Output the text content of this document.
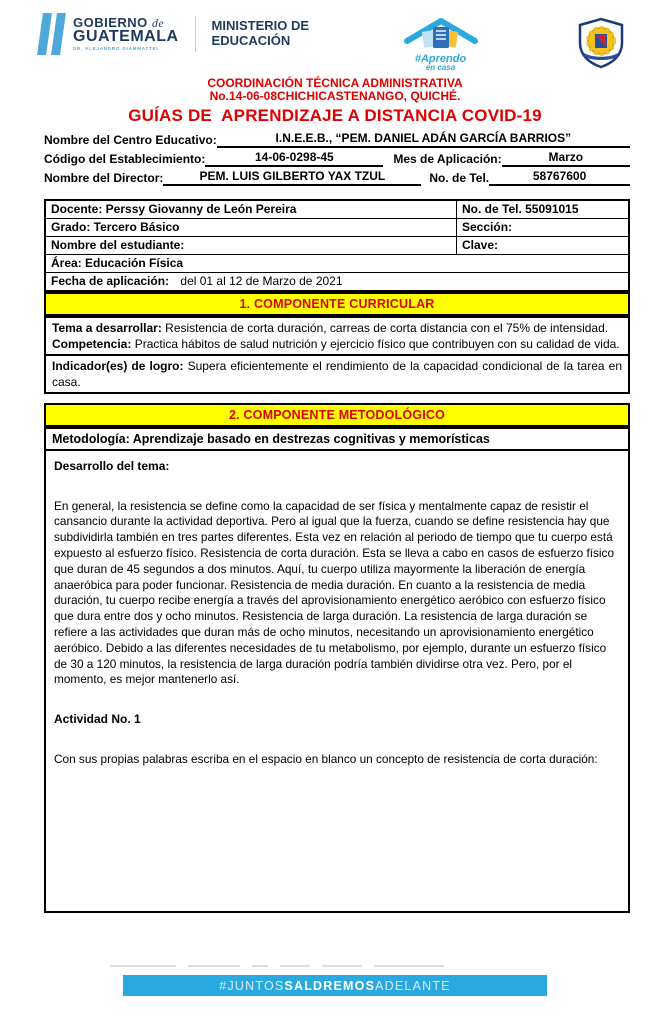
GOBIERNO de
GUATEMALA
DR. ALEJANDRO GIAMMATTEI
MINISTERIO DE
EDUCACIÓN
#Aprendo
en casa
COORDINACIÓN TÉCNICA ADMINISTRATIVA
No.14-06-08CHICHICASTENANGO, QUICHÉ.
GUÍAS DE  APRENDIZAJE A DISTANCIA COVID-19
Nombre del Centro Educativo:	I.N.E.E.B., “PEM. DANIEL ADÁN GARCÍA BARRIOS”
Código del Establecimiento:	14-06-0298-45	Mes de Aplicación:	Marzo
Nombre del Director:	PEM. LUIS GILBERTO YAX TZUL	No. de Tel.	58767600
Docente: Perssy Giovanny de León Pereira	No. de Tel. 55091015
Grado: Tercero Básico	Sección:
Nombre del estudiante:	Clave:
Área: Educación Física
Fecha de aplicación: del 01 al 12 de Marzo de 2021
1. COMPONENTE CURRICULAR

Tema a desarrollar: Resistencia de corta duración, carreas de corta distancia con el 75% de intensidad.

Competencia: Practica hábitos de salud nutrición y ejercicio físico que contribuyen con su calidad de vida.

Indicador(es) de logro: Supera eficientemente el rendimiento de la capacidad condicional de la tarea en casa.

2. COMPONENTE METODOLÓGICO
Metodología: Aprendizaje basado en destrezas cognitivas y memorísticas
Desarrollo del tema:
En general, la resistencia se define como la capacidad de ser física y mentalmente capaz de resistir el cansancio durante la actividad deportiva. Pero al igual que la fuerza, cuando se define resistencia hay que subdividirla también en tres partes diferentes. Esta vez en relación al periodo de tiempo que tu cuerpo está expuesto al esfuerzo físico. Resistencia de corta duración. Esta se lleva a cabo en casos de esfuerzo físico que duran de 45 segundos a dos minutos. Aquí, tu cuerpo utiliza mayormente la liberación de energía anaeróbica para poder funcionar. Resistencia de media duración. En cuanto a la resistencia de media duración, tu cuerpo recibe energía a través del aprovisionamiento energético aeróbico con esfuerzo físico que dura entre dos y ocho minutos. Resistencia de larga duración. La resistencia de larga duración se refiere a las actividades que duran más de ocho minutos, necesitando un aprovisionamiento energético aeróbico. Debido a las diferentes necesidades de tu metabolismo, por ejemplo, durante un esfuerzo físico de 30 a 120 minutos, la resistencia de larga duración podría también dividirse otra vez. Pero, por el momento, es mejor mantenerlo así.
Actividad No. 1
Con sus propias palabras escriba en el espacio en blanco un concepto de resistencia de corta duración:
#JUNTOS SALDREMOS ADELANTE
